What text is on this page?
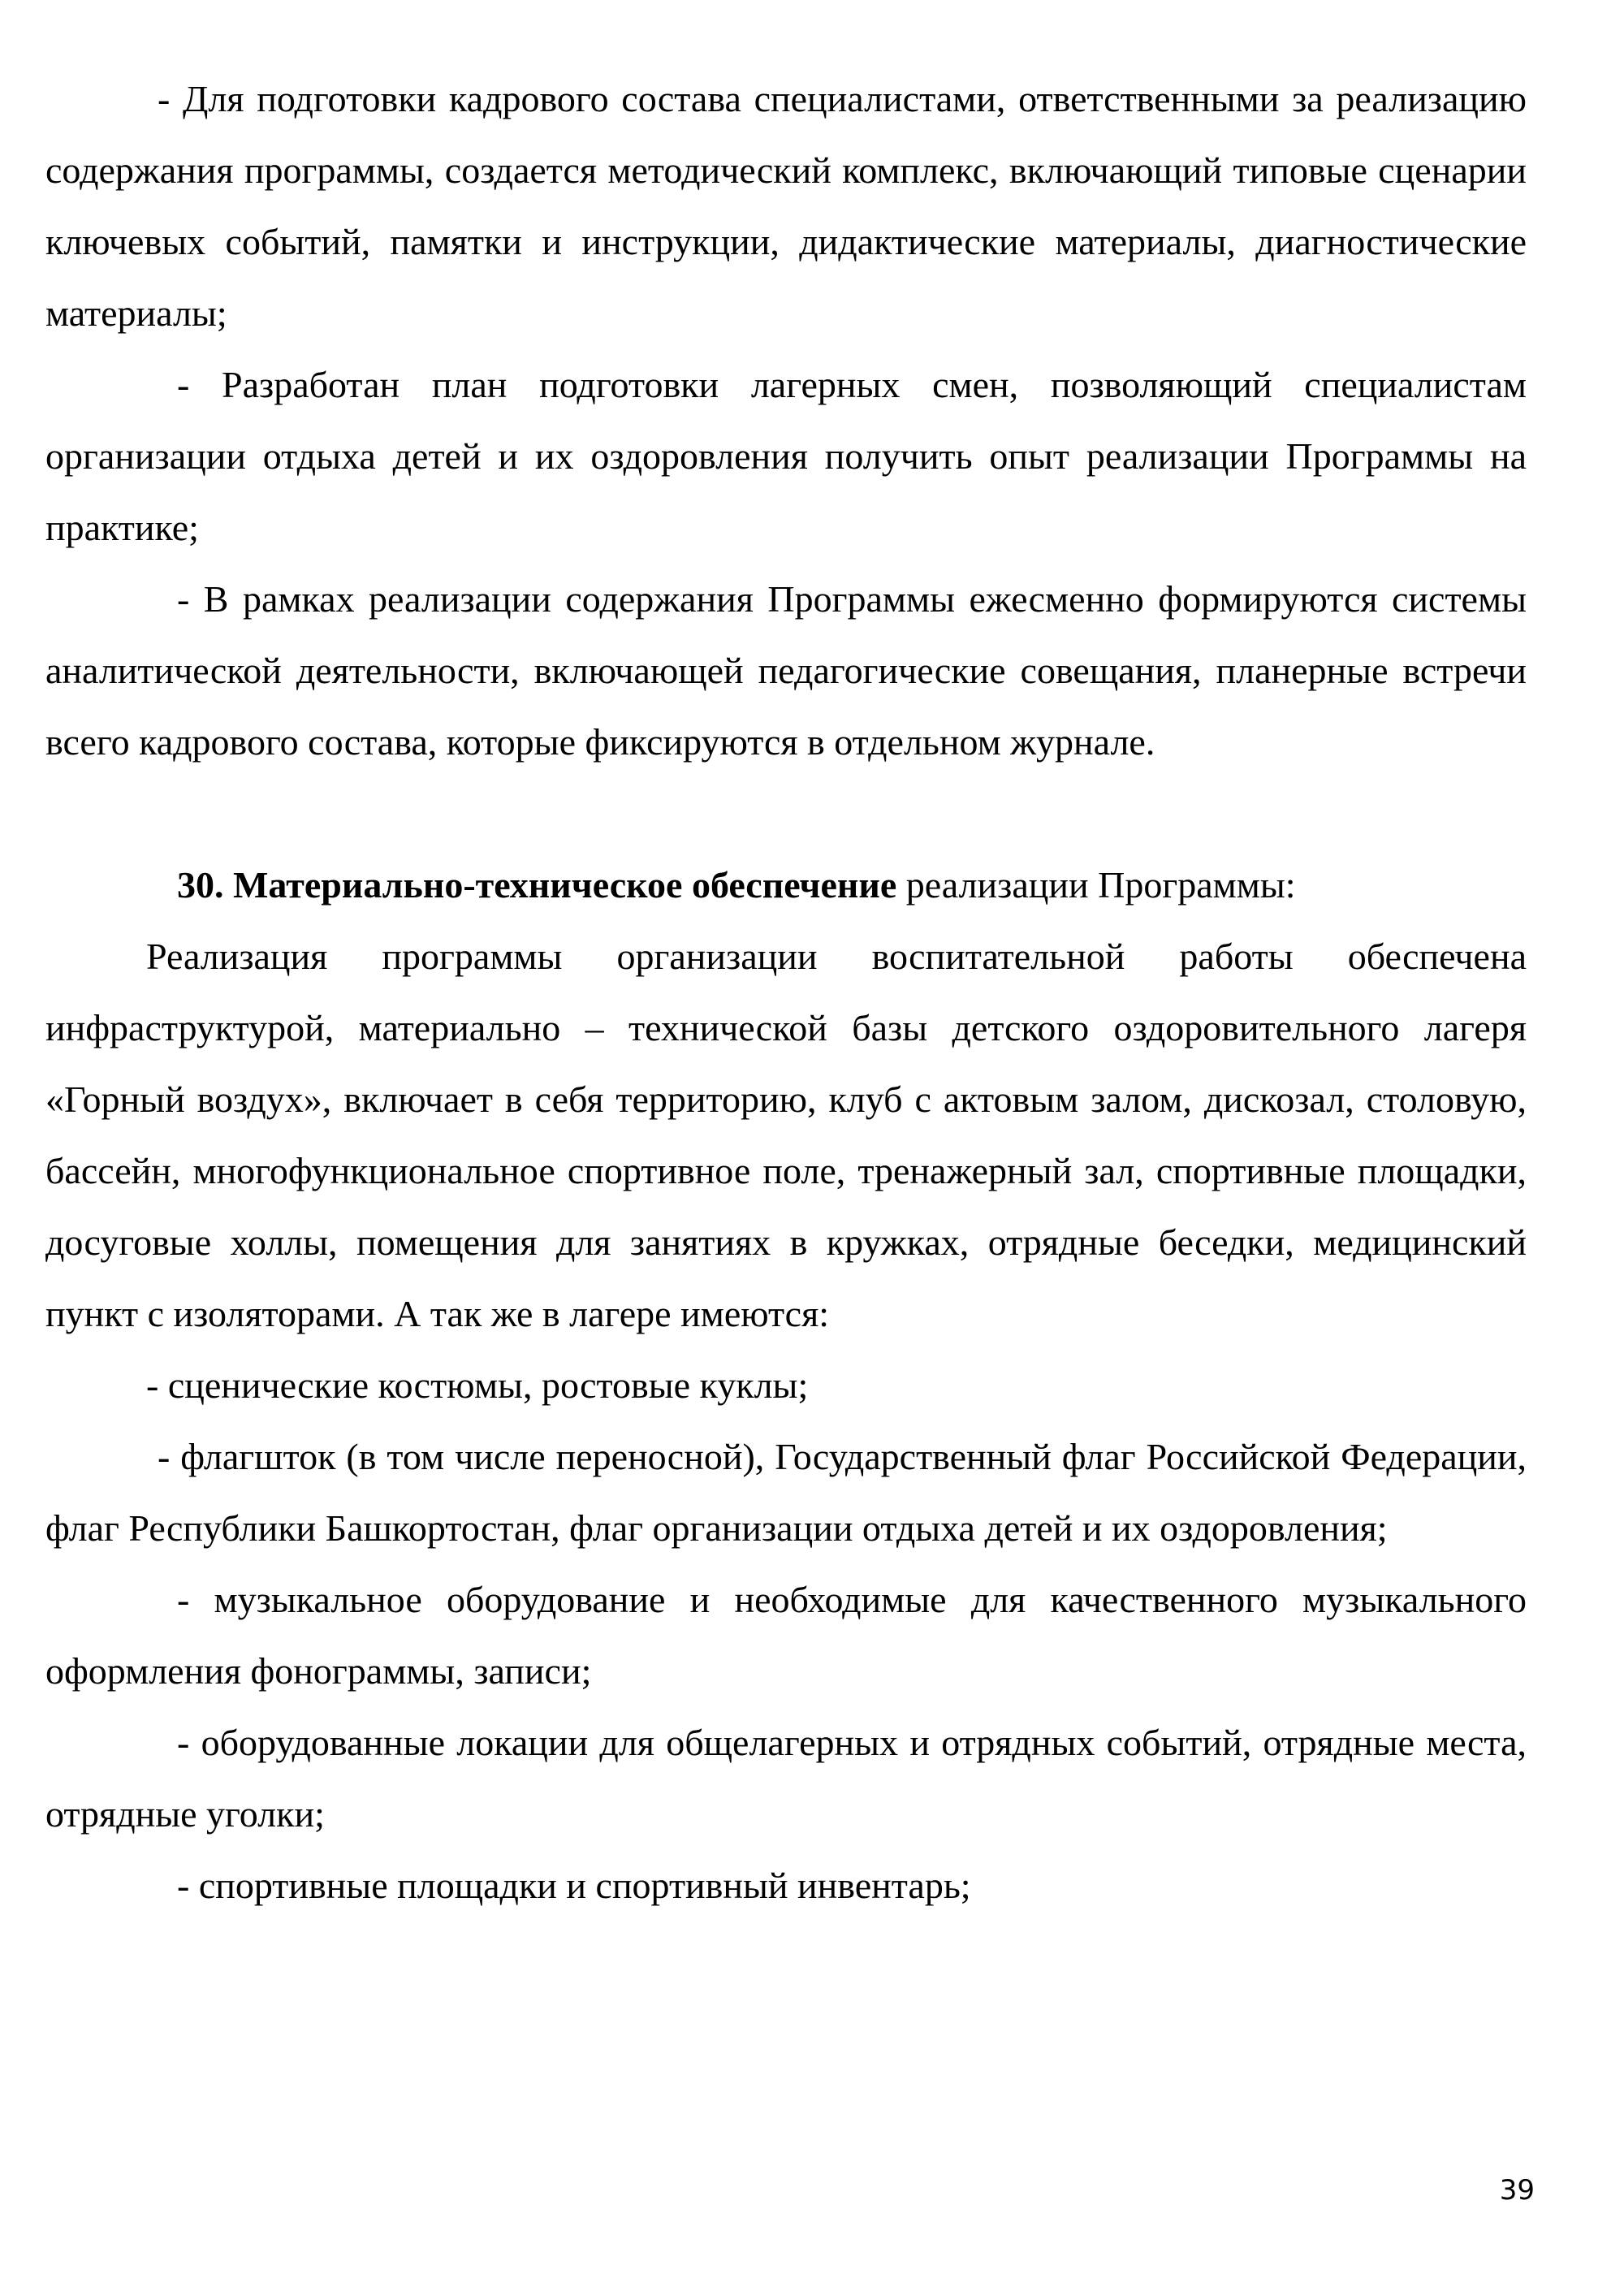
- Для подготовки кадрового состава специалистами, ответственными за реализацию содержания программы, создается методический комплекс, включающий типовые сценарии ключевых событий, памятки и инструкции, дидактические материалы, диагностические материалы;

- Разработан план подготовки лагерных смен, позволяющий специалистам организации отдыха детей и их оздоровления получить опыт реализации Программы на практике;

- В рамках реализации содержания Программы ежесменно формируются системы аналитической деятельности, включающей педагогические совещания, планерные встречи всего кадрового состава, которые фиксируются в отдельном журнале.

30. Материально-техническое обеспечение реализации Программы:

Реализация программы организации воспитательной работы обеспечена инфраструктурой, материально – технической базы детского оздоровительного лагеря «Горный воздух», включает в себя территорию, клуб с актовым залом, дискозал, столовую, бассейн, многофункциональное спортивное поле, тренажерный зал, спортивные площадки, досуговые холлы, помещения для занятиях в кружках, отрядные беседки, медицинский пункт с изоляторами. А так же в лагере имеются:

- сценические костюмы, ростовые куклы;

- флагшток (в том числе переносной), Государственный флаг Российской Федерации, флаг Республики Башкортостан, флаг организации отдыха детей и их оздоровления;

- музыкальное оборудование и необходимые для качественного музыкального оформления фонограммы, записи;

- оборудованные локации для общелагерных и отрядных событий, отрядные места, отрядные уголки;

- спортивные площадки и спортивный инвентарь;

39
